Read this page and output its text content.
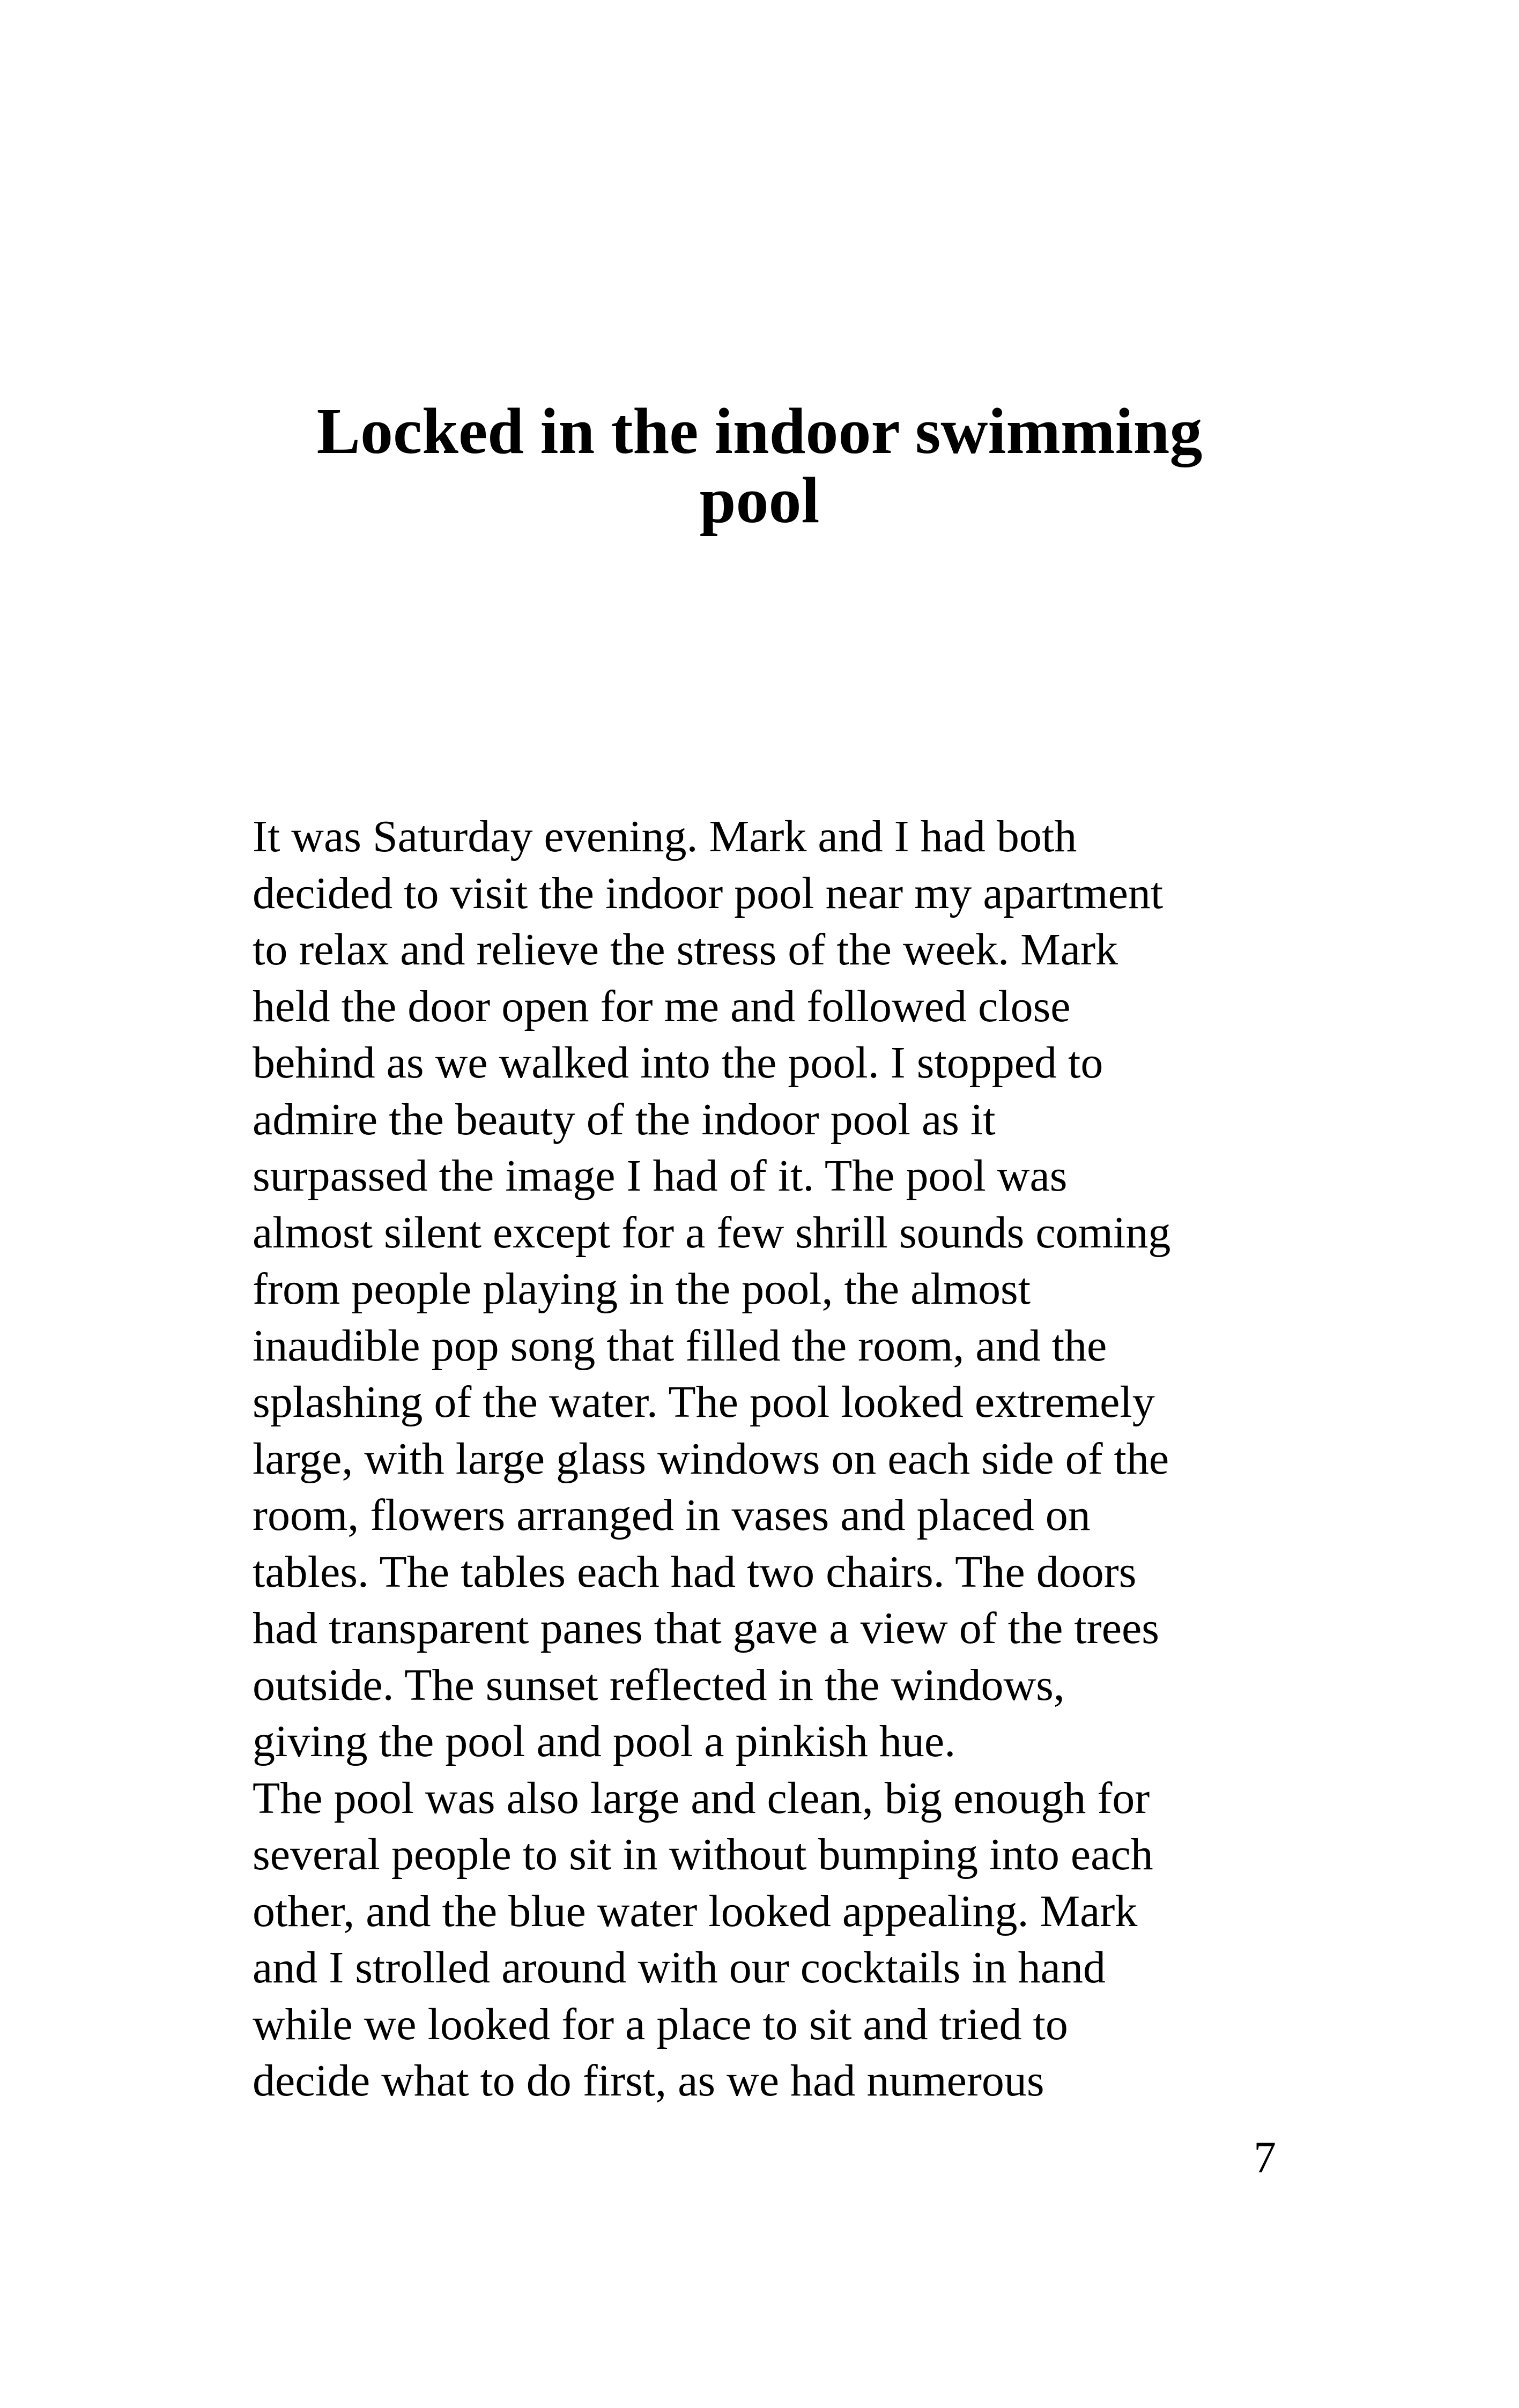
Locked in the indoor swimming
pool
It was Saturday evening. Mark and I had both
decided to visit the indoor pool near my apartment
to relax and relieve the stress of the week. Mark
held the door open for me and followed close
behind as we walked into the pool. I stopped to
admire the beauty of the indoor pool as it
surpassed the image I had of it. The pool was
almost silent except for a few shrill sounds coming
from people playing in the pool, the almost
inaudible pop song that filled the room, and the
splashing of the water. The pool looked extremely
large, with large glass windows on each side of the
room, flowers arranged in vases and placed on
tables. The tables each had two chairs. The doors
had transparent panes that gave a view of the trees
outside. The sunset reflected in the windows,
giving the pool and pool a pinkish hue.
The pool was also large and clean, big enough for
several people to sit in without bumping into each
other, and the blue water looked appealing. Mark
and I strolled around with our cocktails in hand
while we looked for a place to sit and tried to
decide what to do first, as we had numerous
7
